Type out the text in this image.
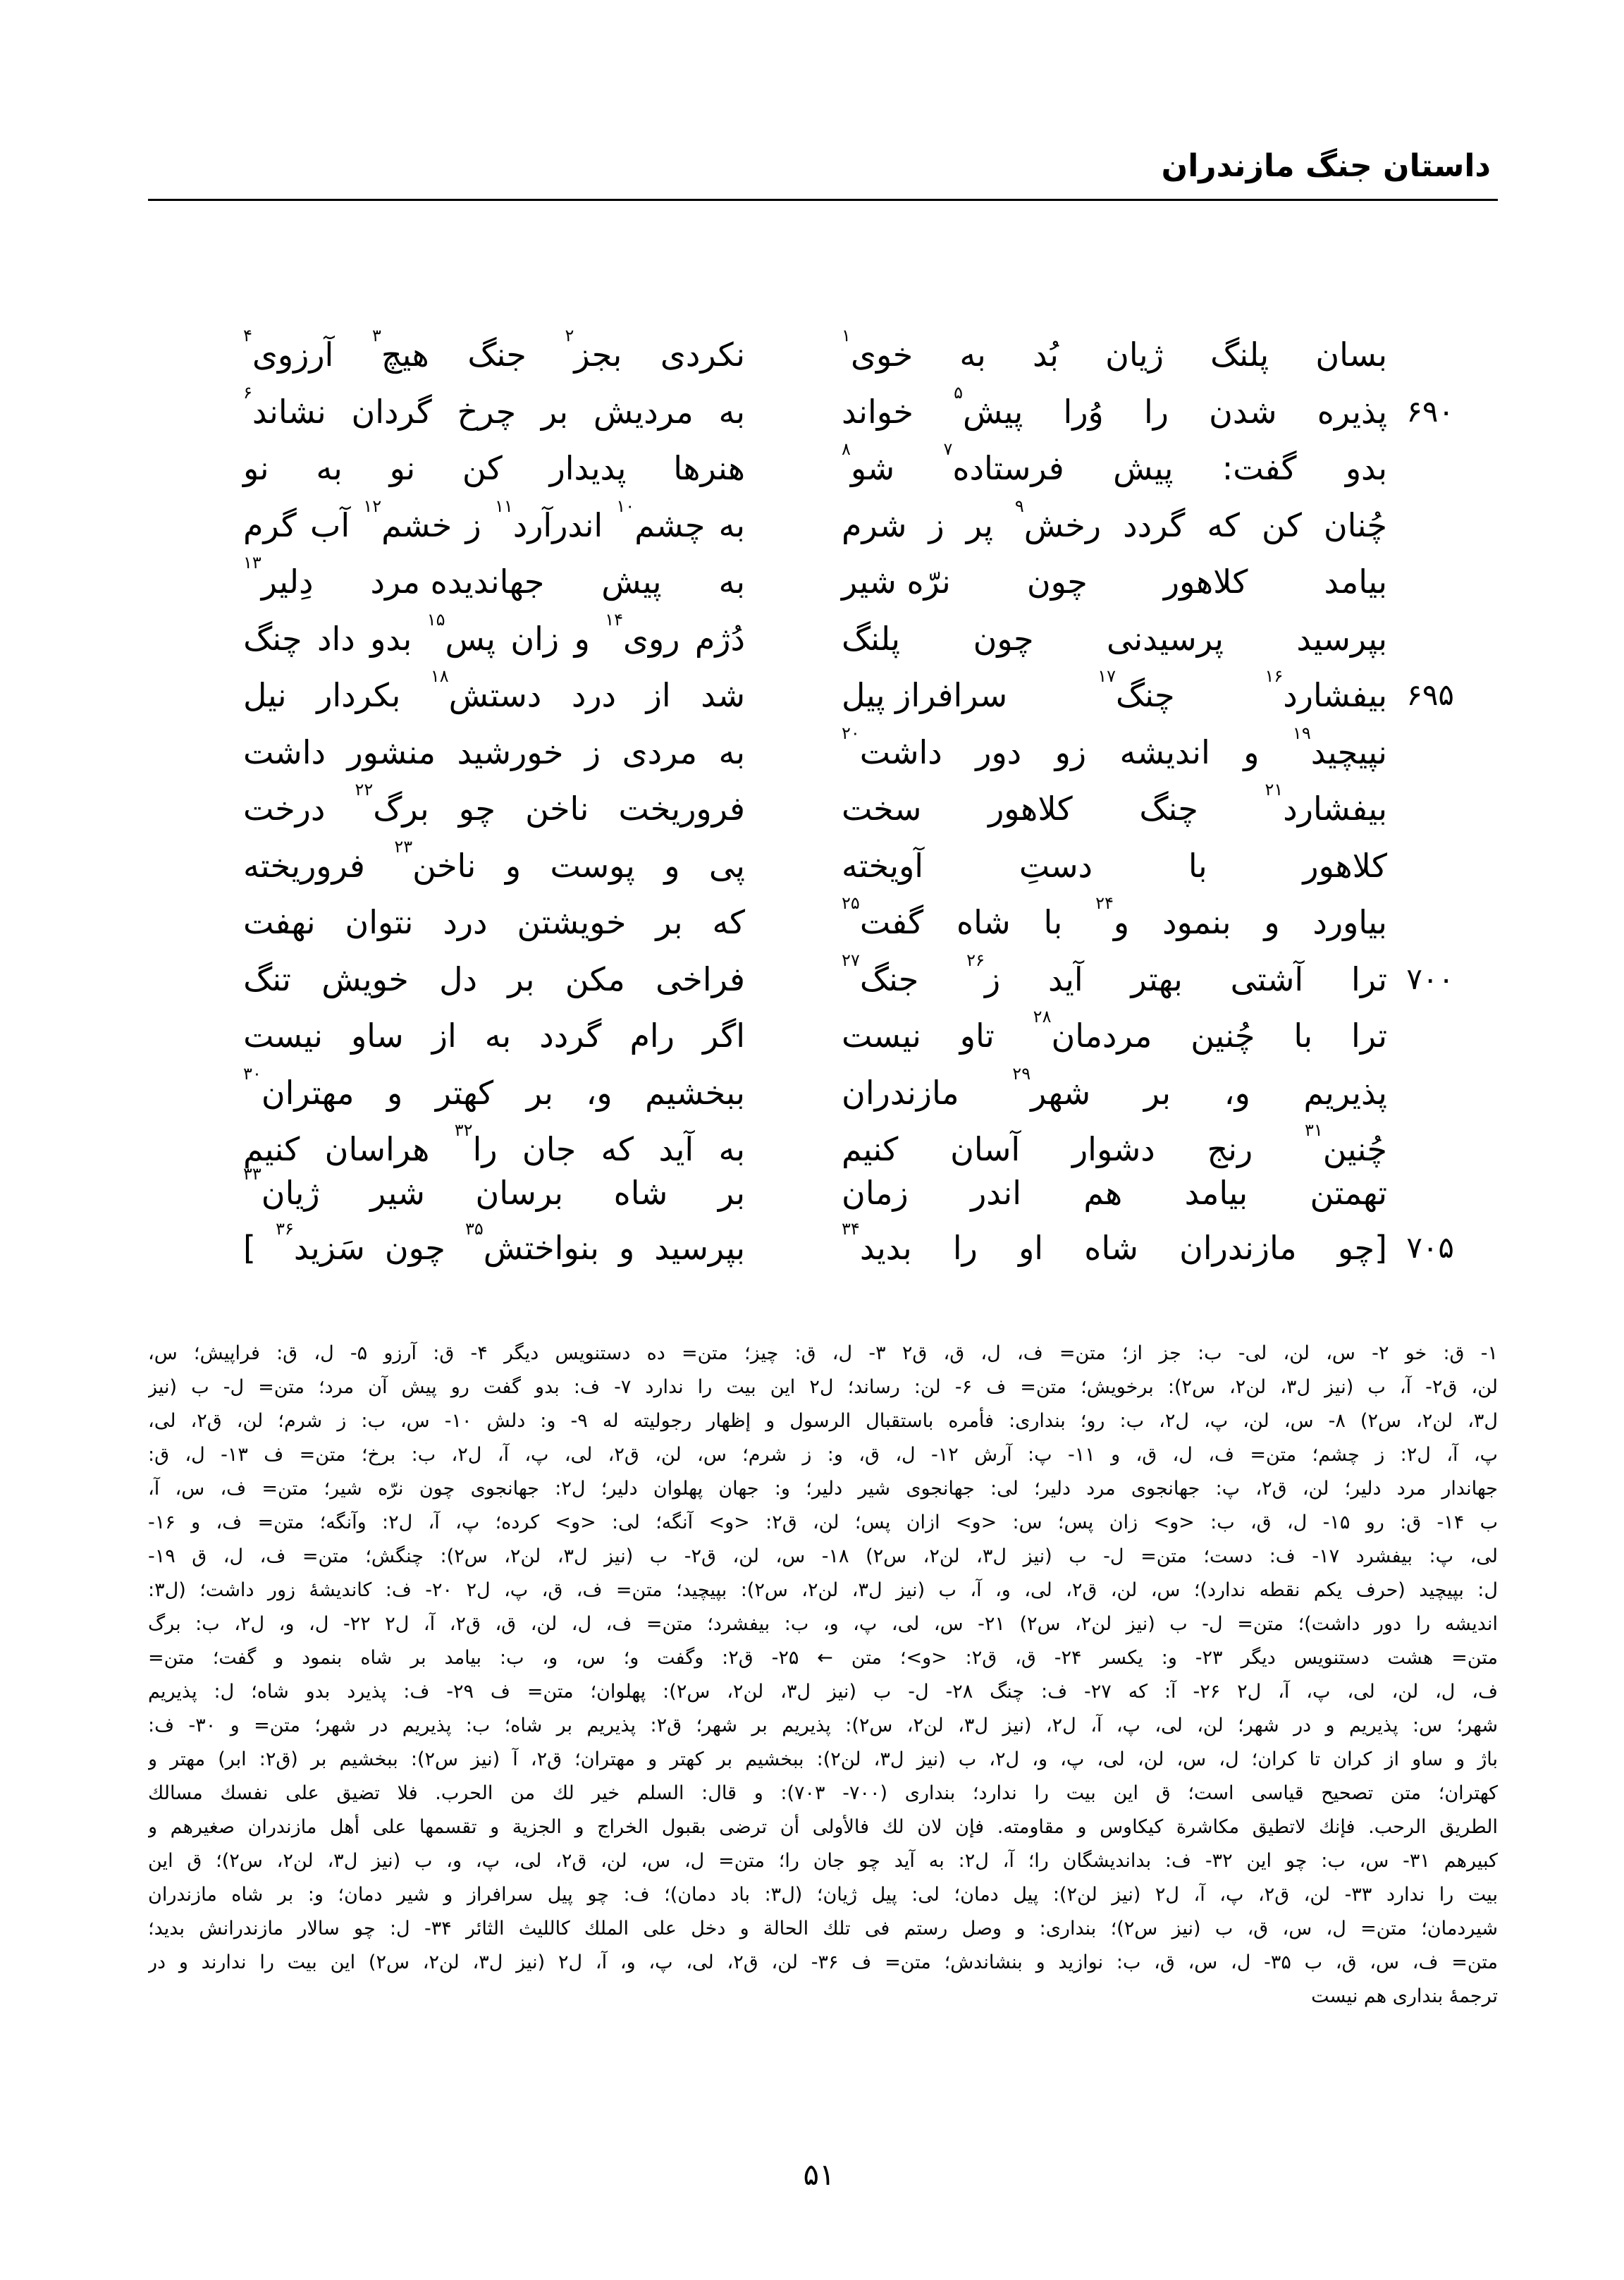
داستان جنگ مازندران
بسان
پلنگ
ژیان
بُد
به
خوی$^۱$
نکردی
بجز$^۲$
جنگ
هیچ$^۳$
آرزوی$^۴$
۶۹۰
پذیره
شدن
را
وُرا
پیش$^۵$
خواند
به
مردیش
بر
چرخ
گردان
نشاند$^۶$
بدو
گفت:
پیش
فرستاده$^۷$
شو$^۸$
هنرها
پدیدار
کن
نو
به
نو
چُنان
کن
که
گردد
رخش$^۹$
پر
ز
شرم
به
چشم$^{۱۰}$
اندرآرد$^{۱۱}$
ز
خشم$^{۱۲}$
آب
گرم
بیامد
کلاهور
چون
نرّه شیر
به
پیش
جهاندیده مرد
دِلیر$^{۱۳}$
بپرسید
پرسیدنی
چون
پلنگ
دُژم
روی$^{۱۴}$
و
زان
پس$^{۱۵}$
بدو
داد
چنگ
۶۹۵
بیفشارد$^{۱۶}$
چنگ$^{۱۷}$
سرافراز پیل
شد
از
درد
دستش$^{۱۸}$
بکردار
نیل
نپیچید$^{۱۹}$
و
اندیشه
زو
دور
داشت$^{۲۰}$
به
مردی
ز
خورشید
منشور
داشت
بیفشارد$^{۲۱}$
چنگ
کلاهور
سخت
فروریخت
ناخن
چو
برگ$^{۲۲}$
درخت
کلاهور
با
دستِ
آویخته
پی
و
پوست
و
ناخن$^{۲۳}$
فروریخته
بیاورد
و
بنمود
و$^{۲۴}$
با
شاه
گفت$^{۲۵}$
که
بر
خویشتن
درد
نتوان
نهفت
۷۰۰
ترا
آشتی
بهتر
آید
ز$^{۲۶}$
جنگ$^{۲۷}$
فراخی
مکن
بر
دل
خویش
تنگ
ترا
با
چُنین
مردمان$^{۲۸}$
تاو
نیست
اگر
رام
گردد
به
از
ساو
نیست
پذیریم
و،
بر
شهر$^{۲۹}$
مازندران
ببخشیم
و،
بر
کهتر
و
مهتران$^{۳۰}$
چُنین$^{۳۱}$
رنج
دشوار
آسان
کنیم
به
آید
که
جان
را$^{۳۲}$
هراسان
کنیم
تهمتن
بیامد
هم
اندر
زمان
بر
شاه
برسان
شیر
ژیان$^{۳۳}$
۷۰۵
[چو
مازندران
شاه
او
را
بدید$^{۳۴}$
بپرسید
و
بنواختش$^{۳۵}$
چون
سَزید$^{۳۶}$
]
۱- ق: خو ۲- س، لن، لی- ب: جز از؛ متن= ف، ل، ق، ق۲ ۳- ل، ق: چیز؛ متن= ده دستنویس دیگر ۴- ق: آرزو ۵- ل، ق: فراپیش؛ س،
لن، ق۲- آ، ب (نیز ل۳، لن۲، س۲): برخویش؛ متن= ف ۶- لن: رساند؛ ل۲ این بیت را ندارد ۷- ف: بدو گفت رو پیش آن مرد؛ متن= ل- ب (نیز
ل۳، لن۲، س۲) ۸- س، لن، پ، ل۲، ب: رو؛ بنداری: فأمره باستقبال الرسول و إظهار رجولیته له ۹- و: دلش ۱۰- س، ب: ز شرم؛ لن، ق۲، لی،
پ، آ، ل۲: ز چشم؛ متن= ف، ل، ق، و ۱۱- پ: آرش ۱۲- ل، ق، و: ز شرم؛ س، لن، ق۲، لی، پ، آ، ل۲، ب: برخ؛ متن= ف ۱۳- ل، ق:
جهاندار مرد دلیر؛ لن، ق۲، پ: جهانجوی مرد دلیر؛ لی: جهانجوی شیر دلیر؛ و: جهان پهلوان دلیر؛ ل۲: جهانجوی چون نرّه شیر؛ متن= ف، س، آ،
ب ۱۴- ق: رو ۱۵- ل، ق، ب: <و> زان پس؛ س: <و> ازان پس؛ لن، ق۲: <و> آنگه؛ لی: <و> کرده؛ پ، آ، ل۲: وآنگه؛ متن= ف، و ۱۶-
لی، پ: بیفشرد ۱۷- ف: دست؛ متن= ل- ب (نیز ل۳، لن۲، س۲) ۱۸- س، لن، ق۲- ب (نیز ل۳، لن۲، س۲): چنگش؛ متن= ف، ل، ق ۱۹-
ل: بپیچید (حرف یکم نقطه ندارد)؛ س، لن، ق۲، لی، و، آ، ب (نیز ل۳، لن۲، س۲): بپیچید؛ متن= ف، ق، پ، ل۲ ۲۰- ف: کاندیشهٔ زور داشت؛ (ل۳:
اندیشه را دور داشت)؛ متن= ل- ب (نیز لن۲، س۲) ۲۱- س، لی، پ، و، ب: بیفشرد؛ متن= ف، ل، لن، ق، ق۲، آ، ل۲ ۲۲- ل، و، ل۲، ب: برگ
متن= هشت دستنویس دیگر ۲۳- و: یکسر ۲۴- ق، ق۲: <و>؛ متن ← ۲۵- ق۲: وگفت و؛ س، و، ب: بیامد بر شاه بنمود و گفت؛ متن=
ف، ل، لن، لی، پ، آ، ل۲ ۲۶- آ: که ۲۷- ف: چنگ ۲۸- ل- ب (نیز ل۳، لن۲، س۲): پهلوان؛ متن= ف ۲۹- ف: پذیرد بدو شاه؛ ل: پذیریم
شهر؛ س: پذیریم و در شهر؛ لن، لی، پ، آ، ل۲، (نیز ل۳، لن۲، س۲): پذیریم بر شهر؛ ق۲: پذیریم بر شاه؛ ب: پذیریم در شهر؛ متن= و ۳۰- ف:
باژ و ساو از کران تا کران؛ ل، س، لن، لی، پ، و، ل۲، ب (نیز ل۳، لن۲): ببخشیم بر کهتر و مهتران؛ ق۲، آ (نیز س۲): ببخشیم بر (ق۲: ابر) مهتر و
کهتران؛ متن تصحیح قیاسی است؛ ق این بیت را ندارد؛ بنداری (۷۰۰- ۷۰۳): و قال: السلم خیر لك من الحرب. فلا تضیق علی نفسك مسالك
الطریق الرحب. فإنك لاتطیق مكاشرة كیكاوس و مقاومته. فإن لان لك فالأولی أن ترضی بقبول الخراج و الجزیة و تقسمها علی أهل مازندران صغیرهم و
کبیرهم ۳۱- س، ب: چو این ۳۲- ف: بداندیشگان را؛ آ، ل۲: به آید چو جان را؛ متن= ل، س، لن، ق۲، لی، پ، و، ب (نیز ل۳، لن۲، س۲)؛ ق این
بیت را ندارد ۳۳- لن، ق۲، پ، آ، ل۲ (نیز لن۲): پیل دمان؛ لی: پیل ژیان؛ (ل۳: باد دمان)؛ ف: چو پیل سرافراز و شیر دمان؛ و: بر شاه مازندران
شیردمان؛ متن= ل، س، ق، ب (نیز س۲)؛ بنداری: و وصل رستم فی تلك الحالة و دخل علی الملك كالليث الثائر ۳۴- ل: چو سالار مازندرانش بدید؛
متن= ف، س، ق، ب ۳۵- ل، س، ق، ب: نوازید و بنشاندش؛ متن= ف ۳۶- لن، ق۲، لی، پ، و، آ، ل۲ (نیز ل۳، لن۲، س۲) این بیت را ندارند و در
ترجمهٔ بنداری هم نیست
۵۱
